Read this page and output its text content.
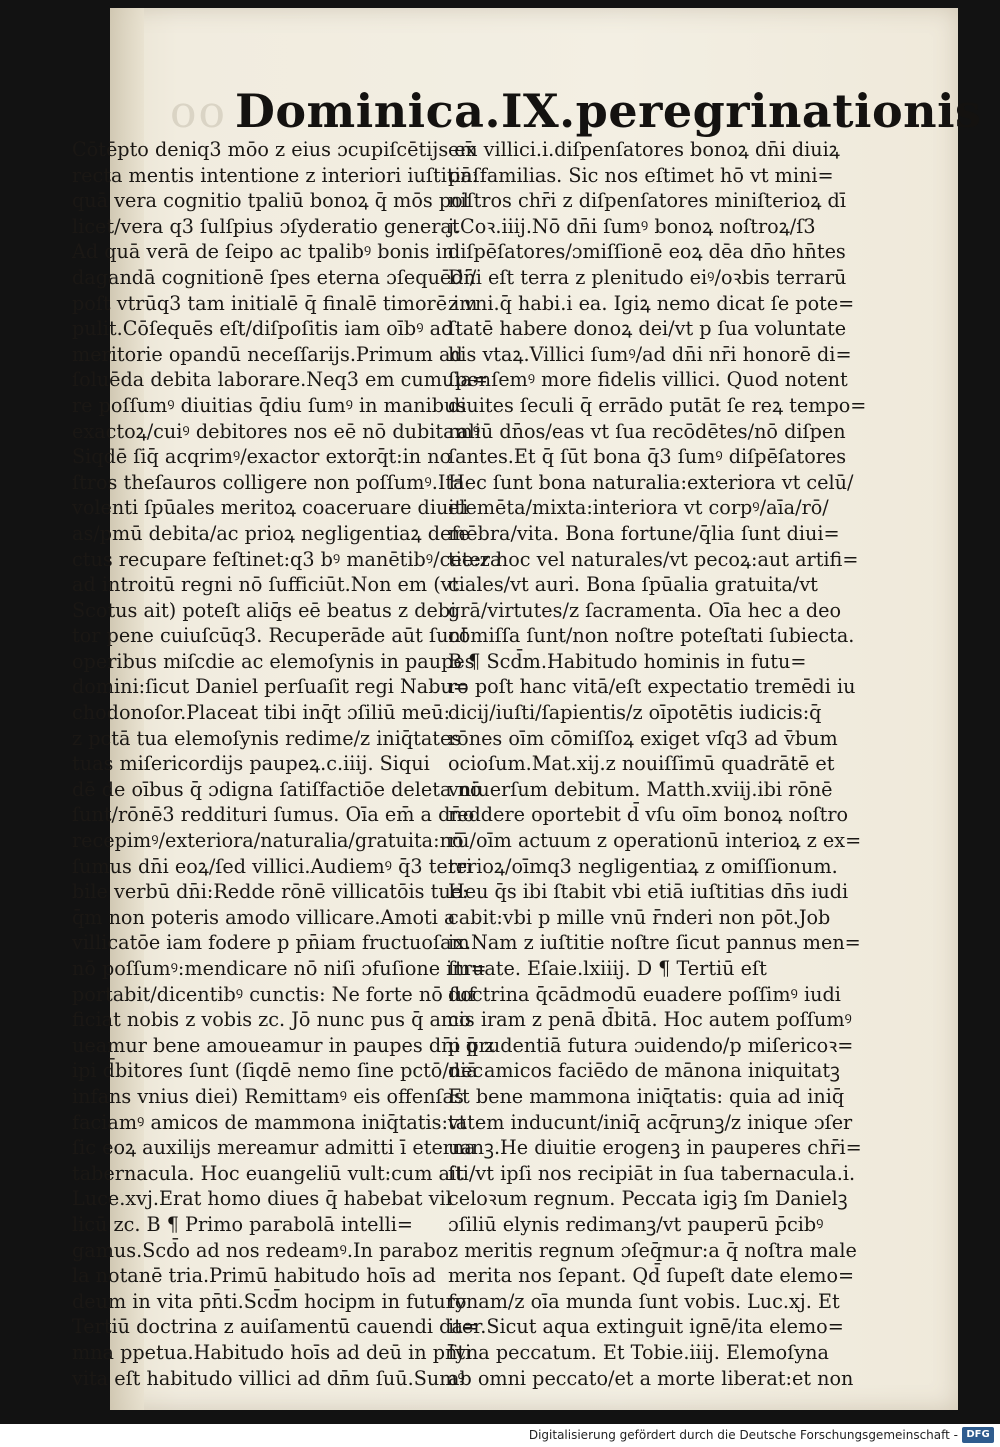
oo Dominica.IX.peregrinationis
Cōtēpto deniq3 mōo z eius ɔcupiſcētijs ex
recta mentis intentione z interiori iuſtitia:
quā vera cognitio tpaliū bonoꝝ q̄ mōs pol
licet/vera q3 ſulſpius ɔſyderatio generat
Ad quā verā de ſeipo ac tpalibꝰ bonis in
dagandā cognitionē ſpes eterna ɔſequēdi/
poſt vtrūq3 tam initialē q̄ finalē timorē im
pulit.Cōſequēs eſt/diſpoſitis iam oībꝰ ad
meritorie opandū neceſſarijs.Primum ad
ſoluēda debita laborare.Neq3 em cumula=
re poſſumꝰ diuitias q̄diu ſumꝰ in manibus
exactoꝝ/cuiꝰ debitores nos eē nō dubitamꝰ
Siqdē ſiq̄ acqrimꝰ/exactor extorq̄t:in no
ſtros theſauros colligere non poſſumꝰ.Ita
volenti ſpūales meritoꝝ coaceruare diuiti
as/pmū debita/ac prioꝝ negligentiaꝝ defe
ctus recupare feſtinet:q3 bꝰ manētibꝰ/cetera
ad introitū regni nō ſufficiūt.Non em (vt
Scotus ait) poteſt aliq̄s eē beatus z debi
tor pene cuiuſcūq3. Recuperāde aūt ſunt
operibus miſcdie ac elemoſynis in paupes
domini:ſicut Daniel perſuaſit regi Nabu=
chodonoſor.Placeat tibi inq̄t ɔſiliū meū:
z pctā tua elemoſynis redime/z iniq̄tates
tuas miſericordijs paupeꝝ.c.iiij. Siqui
dē de oībus q̄ ɔdigna ſatiſfactiōe deleta nō
ſunt/rōnē3 reddituri ſumus. Oīa em̄ a dn̄o
recepimꝰ/exteriora/naturalia/gratuita:nō
ſumus dn̄i eoꝝ/ſed villici.Audiemꝰ q̄3 terri
bile verbū dn̄i:Redde rōnē villicatōis tue:
q̄m non poteris amodo villicare.Amoti a
villicatōe iam fodere p pn̄iam fructuoſam
nō poſſumꝰ:mendicare nō niſi ɔfuſione im=
portabit/dicentibꝰ cunctis: Ne forte nō ſuf
ficiat nobis z vobis zc. Jō nunc pus q̄ amo
ueamur bene amoueamur in paupes dn̄i q̄ z
ipi d̄bitores ſunt (ſiqdē nemo ſine pctō/nec
infans vnius diei) Remittamꝰ eis offenſas
faciamꝰ amicos de mammona iniq̄tatis:vt
ſic eoꝝ auxilijs mereamur admitti ī eterna
tabernacula. Hoc euangeliū vult:cum ait
Luce.xvj.Erat homo diues q̄ habebat vil
licū zc. B ¶ Primo parabolā intelli=
gamus.Scd̄o ad nos redeamꝰ.In parabo
la notanē tria.Primū habitudo hoīs ad
deum in vita pn̄ti.Scd̄m hocipm in futuro
Tertiū doctrina z auiſamentū cauendi da=
mna ppetua.Habitudo hoīs ad deū in pn̄ti
vita eſt habitudo villici ad dn̄m ſuū.Sumꝰ
em̄ villici.i.diſpenſatores bonoꝝ dn̄i diuiꝝ
pn̄ſfamilias. Sic nos eſtimet hō vt mini=
niſtros chr̄i z diſpenſatores miniſterioꝝ dī
j.Coꝛ.iiij.Nō dn̄i ſumꝰ bonoꝝ noſtroꝝ/ſ3
diſpēſatores/ɔmiſſionē eoꝝ dēa dn̄o hn̄tes
Dn̄i eſt terra z plenitudo eiꝰ/oꝛbis terrarū
z vni.q̄ habi.i ea. Igiꝝ nemo dicat ſe pote=
ſtatē habere donoꝝ dei/vt p ſua voluntate
his vtaꝝ.Villici ſumꝰ/ad dn̄i nr̄i honorē di=
ſpenſemꝰ more fidelis villici. Quod notent
diuites ſeculi q̄ errādo putāt ſe reꝝ tempo=
raliū dn̄os/eas vt ſua recōdētes/nō diſpen
ſantes.Et q̄ ſūt bona q̄3 ſumꝰ diſpēſatores
Hec ſunt bona naturalia:exteriora vt celū/
elemēta/mixta:interiora vt corpꝰ/aīa/rō/
mēbra/vita. Bona fortune/q̄lia ſunt diui=
tie:z hoc vel naturales/vt pecoꝝ:aut artifi=
ciales/vt auri. Bona ſpūalia gratuita/vt
grā/virtutes/z ſacramenta. Oīa hec a deo
cōmiſſa ſunt/non noſtre poteſtati ſubiecta.
B ¶ Scd̄m.Habitudo hominis in futu=
ro poſt hanc vitā/eſt expectatio tremēdi iu
dicij/iuſti/ſapientis/z oīpotētis iudicis:q̄
rōnes oīm cōmiſſoꝝ exiget vſq3 ad v̄bum
ocioſum.Mat.xij.z nouiſſimū quadrātē et
vniuerſum debitum. Matth.xviij.ibi rōnē
reddere oportebit d̄ vſu oīm bonoꝝ noſtro
rū/oīm actuum z operationū interioꝝ z ex=
terioꝝ/oīmq3 negligentiaꝝ z omiſſionum.
Heu q̄s ibi ſtabit vbi etiā iuſtitias dn̄s iudi
cabit:vbi p mille vnū r̄nderi non pōt.Job
ix.Nam z iuſtitie noſtre ſicut pannus men=
ſtruate. Eſaie.lxiiij. D ¶ Tertiū eſt
doctrina q̄cādmodū euadere poſſimꝰ iudi
cis iram z penā d̄bitā. Hoc autem poſſumꝰ
p prudentiā futura ɔuidendo/p miſericoꝛ=
diā amicos faciēdo de mānona iniquitatꝫ
Et bene mammona iniq̄tatis: quia ad iniq̄
tatem inducunt/iniq̄ acq̄runꝫ/z inique ɔſer
uanꝫ.He diuitie erogenꝫ in pauperes chr̄i=
ſti/vt ipſi nos recipiāt in ſua tabernacula.i.
celoꝛum regnum. Peccata igiꝫ ſm Danielꝫ
ɔſiliū elynis redimanꝫ/vt pauperū p̄cibꝰ
z meritis regnum ɔſeq̄mur:a q̄ noſtra male
merita nos ſepant. Qd̄ ſupeſt date elemo=
ſynam/z oīa munda ſunt vobis. Luc.xj. Et
iter.Sicut aqua extinguit ignē/ita elemo=
ſyna peccatum. Et Tobie.iiij. Elemoſyna
ab omni peccato/et a morte liberat:et non
Digitalisierung gefördert durch die Deutsche Forschungsgemeinschaft - DFG
